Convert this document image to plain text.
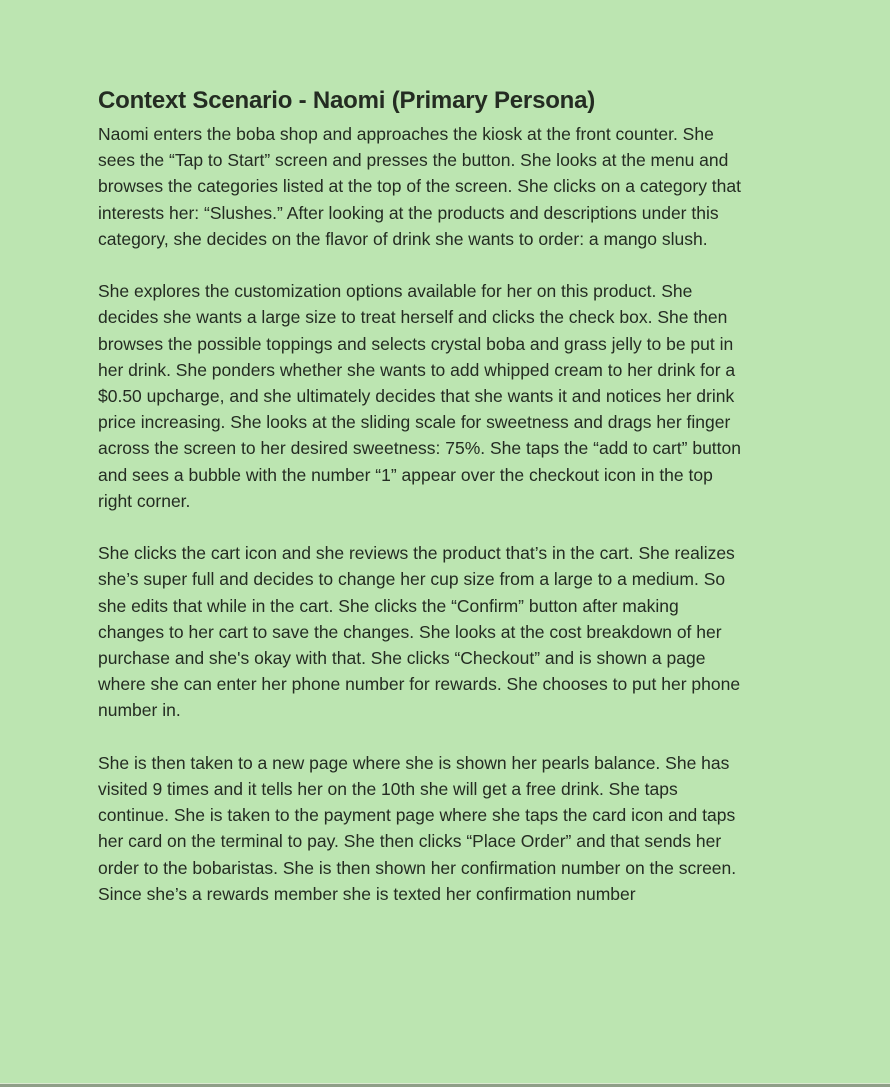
Context Scenario - Naomi (Primary Persona)

Naomi enters the boba shop and approaches the kiosk at the front counter. She sees the “Tap to Start” screen and presses the button. She looks at the menu and browses the categories listed at the top of the screen. She clicks on a category that interests her: “Slushes.” After looking at the products and descriptions under this category, she decides on the flavor of drink she wants to order: a mango slush.

She explores the customization options available for her on this product. She decides she wants a large size to treat herself and clicks the check box. She then browses the possible toppings and selects crystal boba and grass jelly to be put in her drink. She ponders whether she wants to add whipped cream to her drink for a $0.50 upcharge, and she ultimately decides that she wants it and notices her drink price increasing. She looks at the sliding scale for sweetness and drags her finger across the screen to her desired sweetness: 75%. She taps the “add to cart” button and sees a bubble with the number “1” appear over the checkout icon in the top right corner.

She clicks the cart icon and she reviews the product that’s in the cart. She realizes she’s super full and decides to change her cup size from a large to a medium. So she edits that while in the cart. She clicks the “Confirm” button after making changes to her cart to save the changes. She looks at the cost breakdown of her purchase and she's okay with that. She clicks “Checkout” and is shown a page where she can enter her phone number for rewards. She chooses to put her phone number in.

She is then taken to a new page where she is shown her pearls balance. She has visited 9 times and it tells her on the 10th she will get a free drink. She taps continue. She is taken to the payment page where she taps the card icon and taps her card on the terminal to pay. She then clicks “Place Order” and that sends her order to the bobaristas. She is then shown her confirmation number on the screen. Since she’s a rewards member she is texted her confirmation number
